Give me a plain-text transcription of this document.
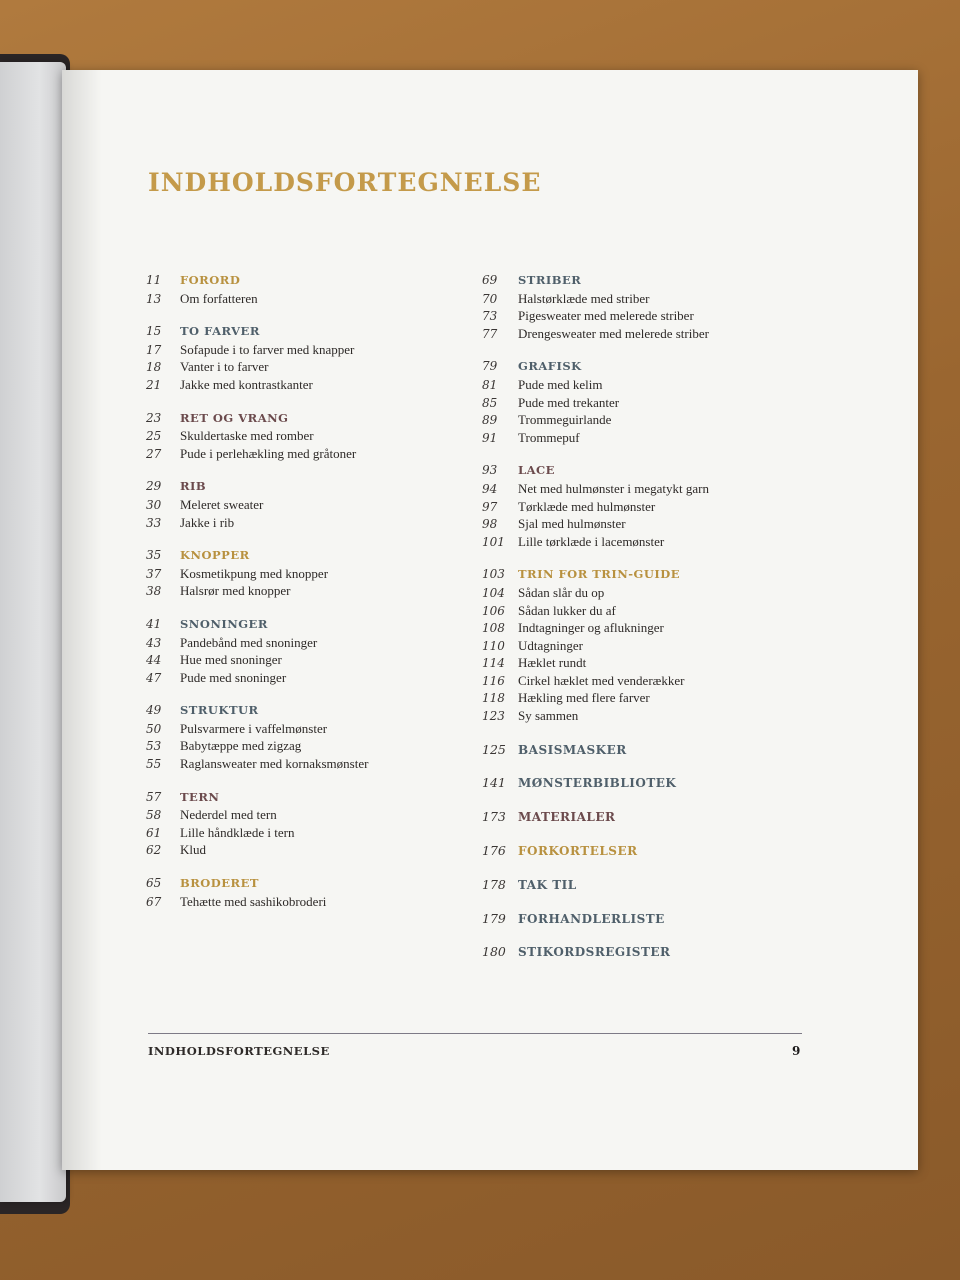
INDHOLDSFORTEGNELSE
11	FORORD
13	Om forfatteren
15	TO FARVER
17	Sofapude i to farver med knapper
18	Vanter i to farver
21	Jakke med kontrastkanter
23	RET OG VRANG
25	Skuldertaske med romber
27	Pude i perlehækling med gråtoner
29	RIB
30	Meleret sweater
33	Jakke i rib
35	KNOPPER
37	Kosmetikpung med knopper
38	Halsrør med knopper
41	SNONINGER
43	Pandebånd med snoninger
44	Hue med snoninger
47	Pude med snoninger
49	STRUKTUR
50	Pulsvarmere i vaffelmønster
53	Babytæppe med zigzag
55	Raglansweater med kornaksmønster
57	TERN
58	Nederdel med tern
61	Lille håndklæde i tern
62	Klud
65	BRODERET
67	Tehætte med sashikobroderi
69	STRIBER
70	Halstørklæde med striber
73	Pigesweater med melerede striber
77	Drengesweater med melerede striber
79	GRAFISK
81	Pude med kelim
85	Pude med trekanter
89	Trommeguirlande
91	Trommepuf
93	LACE
94	Net med hulmønster i megatykt garn
97	Tørklæde med hulmønster
98	Sjal med hulmønster
101	Lille tørklæde i lacemønster
103	TRIN FOR TRIN-GUIDE
104	Sådan slår du op
106	Sådan lukker du af
108	Indtagninger og aflukninger
110	Udtagninger
114	Hæklet rundt
116	Cirkel hæklet med venderækker
118	Hækling med flere farver
123	Sy sammen
125	BASISMASKER
141	MØNSTERBIBLIOTEK
173	MATERIALER
176	FORKORTELSER
178	TAK TIL
179	FORHANDLERLISTE
180	STIKORDSREGISTER
INDHOLDSFORTEGNELSE	9
